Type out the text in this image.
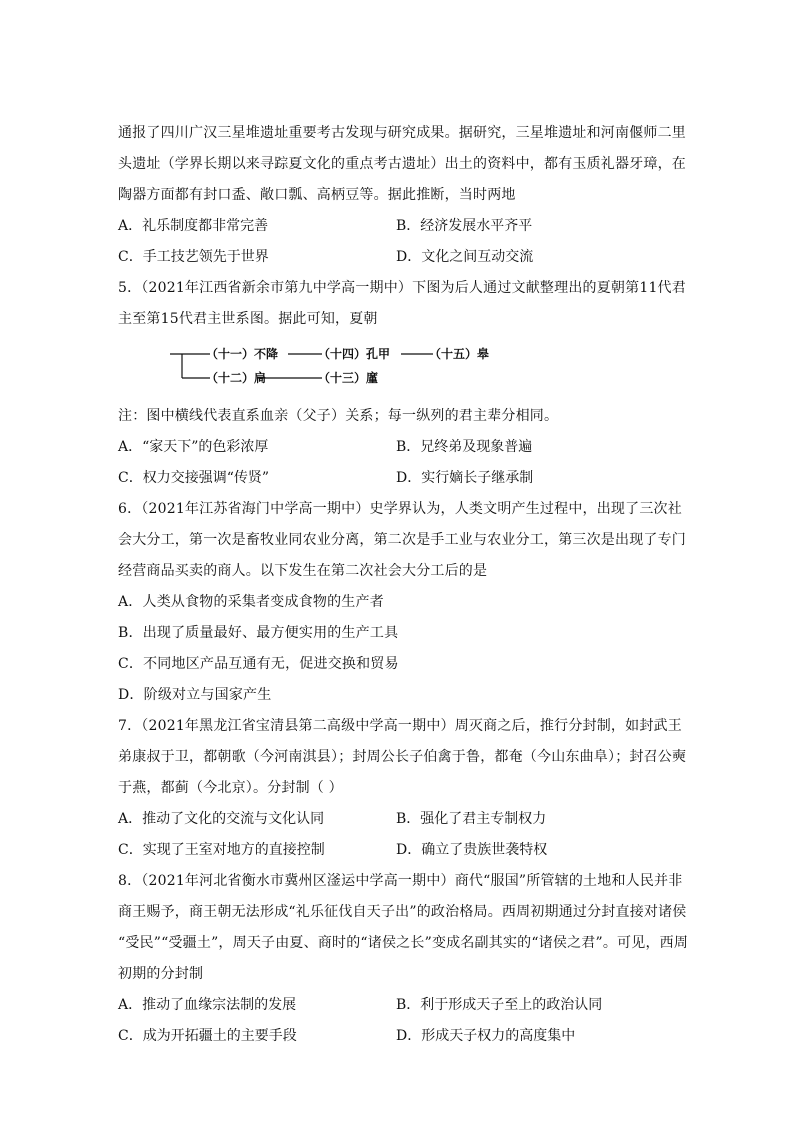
通报了四川广汉三星堆遗址重要考古发现与研究成果。据研究，三星堆遗址和河南偃师二里
头遗址（学界长期以来寻踪夏文化的重点考古遗址）出土的资料中，都有玉质礼器牙璋，在
陶器方面都有封口盉、敞口瓢、高柄豆等。据此推断，当时两地
A．礼乐制度都非常完善	B．经济发展水平齐平
C．手工技艺领先于世界	D．文化之间互动交流
5．（2021年江西省新余市第九中学高一期中）下图为后人通过文献整理出的夏朝第11代君
主至第15代君主世系图。据此可知，夏朝
（十一）不降	（十四）孔甲	（十五）皋
（十二）扃	（十三）廑
注：图中横线代表直系血亲（父子）关系；每一纵列的君主辈分相同。
A．“家天下”的色彩浓厚	B．兄终弟及现象普遍
C．权力交接强调“传贤”	D．实行嫡长子继承制
6．（2021年江苏省海门中学高一期中）史学界认为，人类文明产生过程中，出现了三次社
会大分工，第一次是畜牧业同农业分离，第二次是手工业与农业分工，第三次是出现了专门
经营商品买卖的商人。以下发生在第二次社会大分工后的是
A．人类从食物的采集者变成食物的生产者
B．出现了质量最好、最方便实用的生产工具
C．不同地区产品互通有无，促进交换和贸易
D．阶级对立与国家产生
7．（2021年黑龙江省宝清县第二高级中学高一期中）周灭商之后，推行分封制，如封武王
弟康叔于卫，都朝歌（今河南淇县）；封周公长子伯禽于鲁，都奄（今山东曲阜）；封召公奭
于燕，都蓟（今北京）。分封制（ ）
A．推动了文化的交流与文化认同	B．强化了君主专制权力
C．实现了王室对地方的直接控制	D．确立了贵族世袭特权
8．（2021年河北省衡水市冀州区滏运中学高一期中）商代“服国”所管辖的土地和人民并非
商王赐予，商王朝无法形成“礼乐征伐自天子出”的政治格局。西周初期通过分封直接对诸侯
“受民”“受疆土”，周天子由夏、商时的“诸侯之长”变成名副其实的“诸侯之君”。可见，西周
初期的分封制
A．推动了血缘宗法制的发展	B．利于形成天子至上的政治认同
C．成为开拓疆土的主要手段	D．形成天子权力的高度集中
